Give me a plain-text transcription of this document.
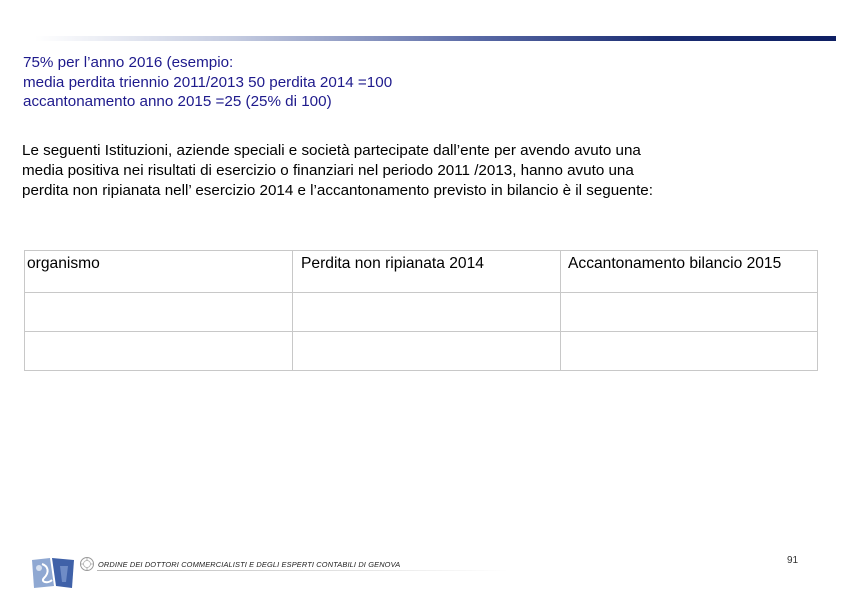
75% per l’anno 2016 (esempio:
media perdita triennio 2011/2013 50 perdita 2014 =100
accantonamento anno 2015 =25 (25% di 100)
Le seguenti Istituzioni, aziende speciali e società partecipate dall’ente per avendo avuto una
media positiva nei risultati di esercizio o finanziari nel periodo 2011 /2013, hanno avuto una
perdita non ripianata nell’ esercizio 2014 e l’accantonamento previsto in bilancio è il seguente:
organismo	Perdita non ripianata 2014	Accantonamento bilancio 2015

ORDINE DEI DOTTORI COMMERCIALISTI E DEGLI ESPERTI CONTABILI DI GENOVA	91
